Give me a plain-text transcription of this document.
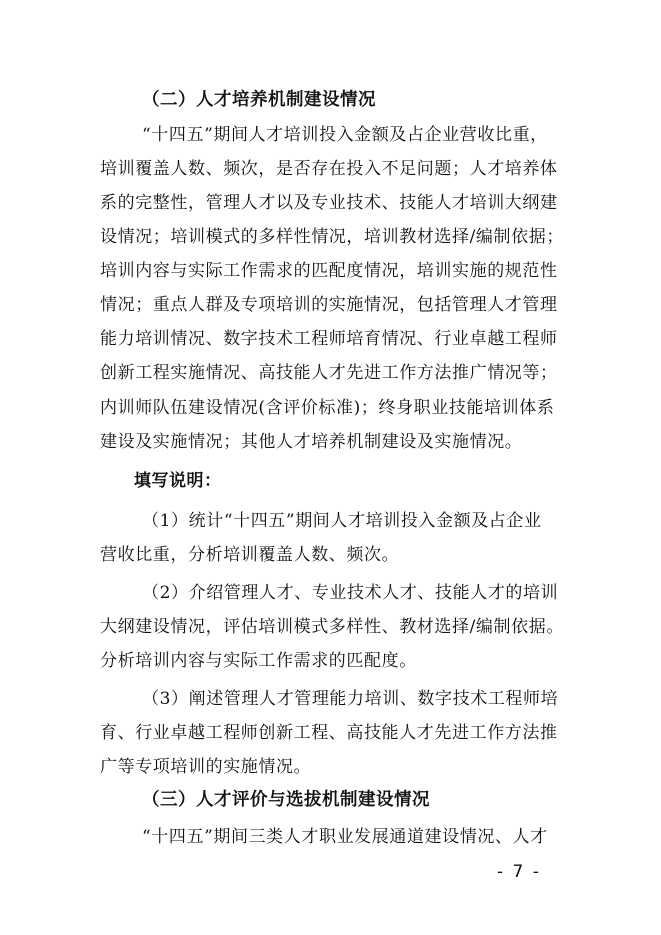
（二）人才培养机制建设情况

“十四五”期间人才培训投入金额及占企业营收比重，

培训覆盖人数、频次，是否存在投入不足问题；人才培养体

系的完整性，管理人才以及专业技术、技能人才培训大纲建

设情况；培训模式的多样性情况，培训教材选择/编制依据；

培训内容与实际工作需求的匹配度情况，培训实施的规范性

情况；重点人群及专项培训的实施情况，包括管理人才管理

能力培训情况、数字技术工程师培育情况、行业卓越工程师

创新工程实施情况、高技能人才先进工作方法推广情况等；

内训师队伍建设情况(含评价标准)；终身职业技能培训体系

建设及实施情况；其他人才培养机制建设及实施情况。

填写说明：

（1）统计“十四五”期间人才培训投入金额及占企业

营收比重，分析培训覆盖人数、频次。

（2）介绍管理人才、专业技术人才、技能人才的培训

大纲建设情况，评估培训模式多样性、教材选择/编制依据。

分析培训内容与实际工作需求的匹配度。

（3）阐述管理人才管理能力培训、数字技术工程师培

育、行业卓越工程师创新工程、高技能人才先进工作方法推

广等专项培训的实施情况。

（三）人才评价与选拔机制建设情况

“十四五”期间三类人才职业发展通道建设情况、人才

- 7 -
